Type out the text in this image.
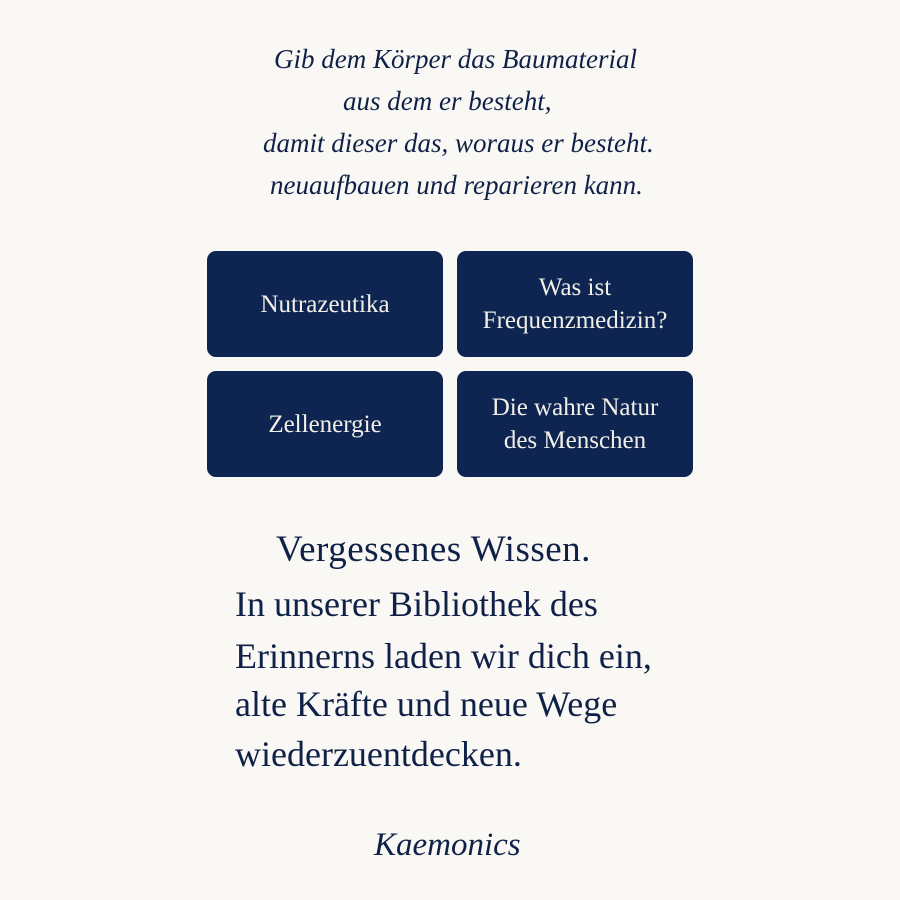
Gib dem Körper das Baumaterial

aus dem er besteht,

damit dieser das, woraus er besteht.

neuaufbauen und reparieren kann.

Nutrazeutika
Was ist
Frequenzmedizin?
Zellenergie
Die wahre Natur
des Menschen
Vergessenes Wissen.

In unserer Bibliothek des

Erinnerns laden wir dich ein,

alte Kräfte und neue Wege

wiederzuentdecken.

Kaemonics
